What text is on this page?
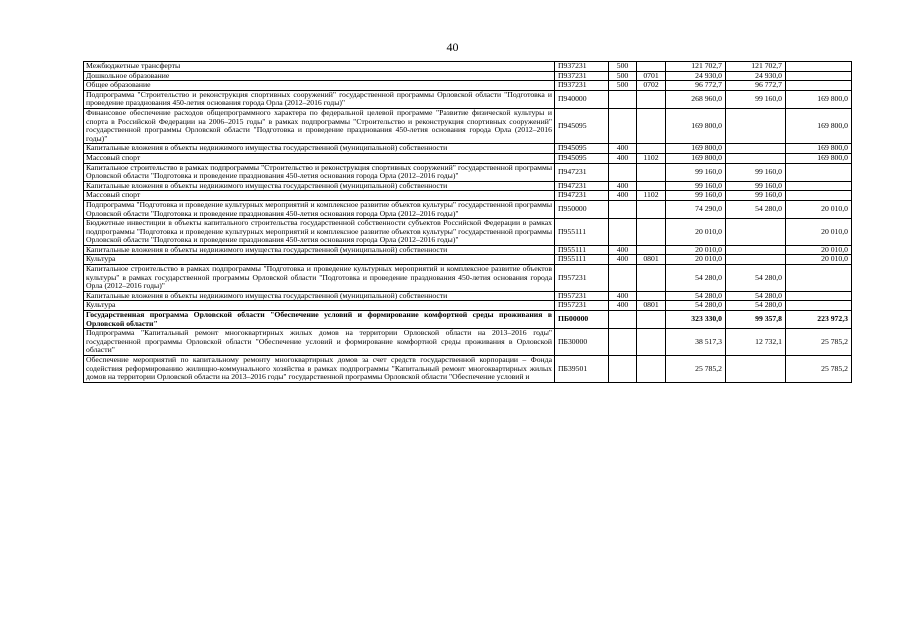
40
Межбюджетные трансферты	П937231	500		121 702,7	121 702,7	
Дошкольное образование	П937231	500	0701	24 930,0	24 930,0	
Общее образование	П937231	500	0702	96 772,7	96 772,7	
Подпрограмма "Строительство и реконструкция спортивных сооружений" государственной программы Орловской области "Подготовка и проведение празднования 450-летия основания города Орла (2012–2016 годы)"	П940000			268 960,0	99 160,0	169 800,0
Финансовое обеспечение расходов общепрограммного характера по федеральной целевой программе "Развитие физической культуры и спорта в Российской Федерации на 2006–2015 годы" в рамках подпрограммы "Строительство и реконструкция спортивных сооружений" государственной программы Орловской области "Подготовка и проведение празднования 450-летия основания города Орла (2012–2016 годы)"	П945095			169 800,0		169 800,0
Капитальные вложения в объекты недвижимого имущества государственной (муниципальной) собственности	П945095	400		169 800,0		169 800,0
Массовый спорт	П945095	400	1102	169 800,0		169 800,0
Капитальное строительство в рамках подпрограммы "Строительство и реконструкция спортивных сооружений" государственной программы Орловской области "Подготовка и проведение празднования 450-летия основания города Орла (2012–2016 годы)"	П947231			99 160,0	99 160,0	
Капитальные вложения в объекты недвижимого имущества государственной (муниципальной) собственности	П947231	400		99 160,0	99 160,0	
Массовый спорт	П947231	400	1102	99 160,0	99 160,0	
Подпрограмма "Подготовка и проведение культурных мероприятий и комплексное развитие объектов культуры" государственной программы Орловской области "Подготовка и проведение празднования 450-летия основания города Орла (2012–2016 годы)"	П950000			74 290,0	54 280,0	20 010,0
Бюджетные инвестиции в объекты капитального строительства государственной собственности субъектов Российской Федерации в рамках подпрограммы "Подготовка и проведение культурных мероприятий и комплексное развитие объектов культуры" государственной программы Орловской области "Подготовка и проведение празднования 450-летия основания города Орла (2012–2016 годы)"	П955111			20 010,0		20 010,0
Капитальные вложения в объекты недвижимого имущества государственной (муниципальной) собственности	П955111	400		20 010,0		20 010,0
Культура	П955111	400	0801	20 010,0		20 010,0
Капитальное строительство в рамках подпрограммы "Подготовка и проведение культурных мероприятий и комплексное развитие объектов культуры" в рамках государственной программы Орловской области "Подготовка и проведение празднования 450-летия основания города Орла (2012–2016 годы)"	П957231			54 280,0	54 280,0	
Капитальные вложения в объекты недвижимого имущества государственной (муниципальной) собственности	П957231	400		54 280,0	54 280,0	
Культура	П957231	400	0801	54 280,0	54 280,0	
Государственная программа Орловской области "Обеспечение условий и формирование комфортной среды проживания в Орловской области"	ПБ00000			323 330,0	99 357,8	223 972,3
Подпрограмма "Капитальный ремонт многоквартирных жилых домов на территории Орловской области на 2013–2016 годы" государственной программы Орловской области "Обеспечение условий и формирование комфортной среды проживания в Орловской области"	ПБ30000			38 517,3	12 732,1	25 785,2
Обеспечение мероприятий по капитальному ремонту многоквартирных домов за счет средств государственной корпорации – Фонда содействия реформированию жилищно-коммунального хозяйства в рамках подпрограммы "Капитальный ремонт многоквартирных жилых домов на территории Орловской области на 2013–2016 годы" государственной программы Орловской области "Обеспечение условий и	ПБ39501			25 785,2		25 785,2
